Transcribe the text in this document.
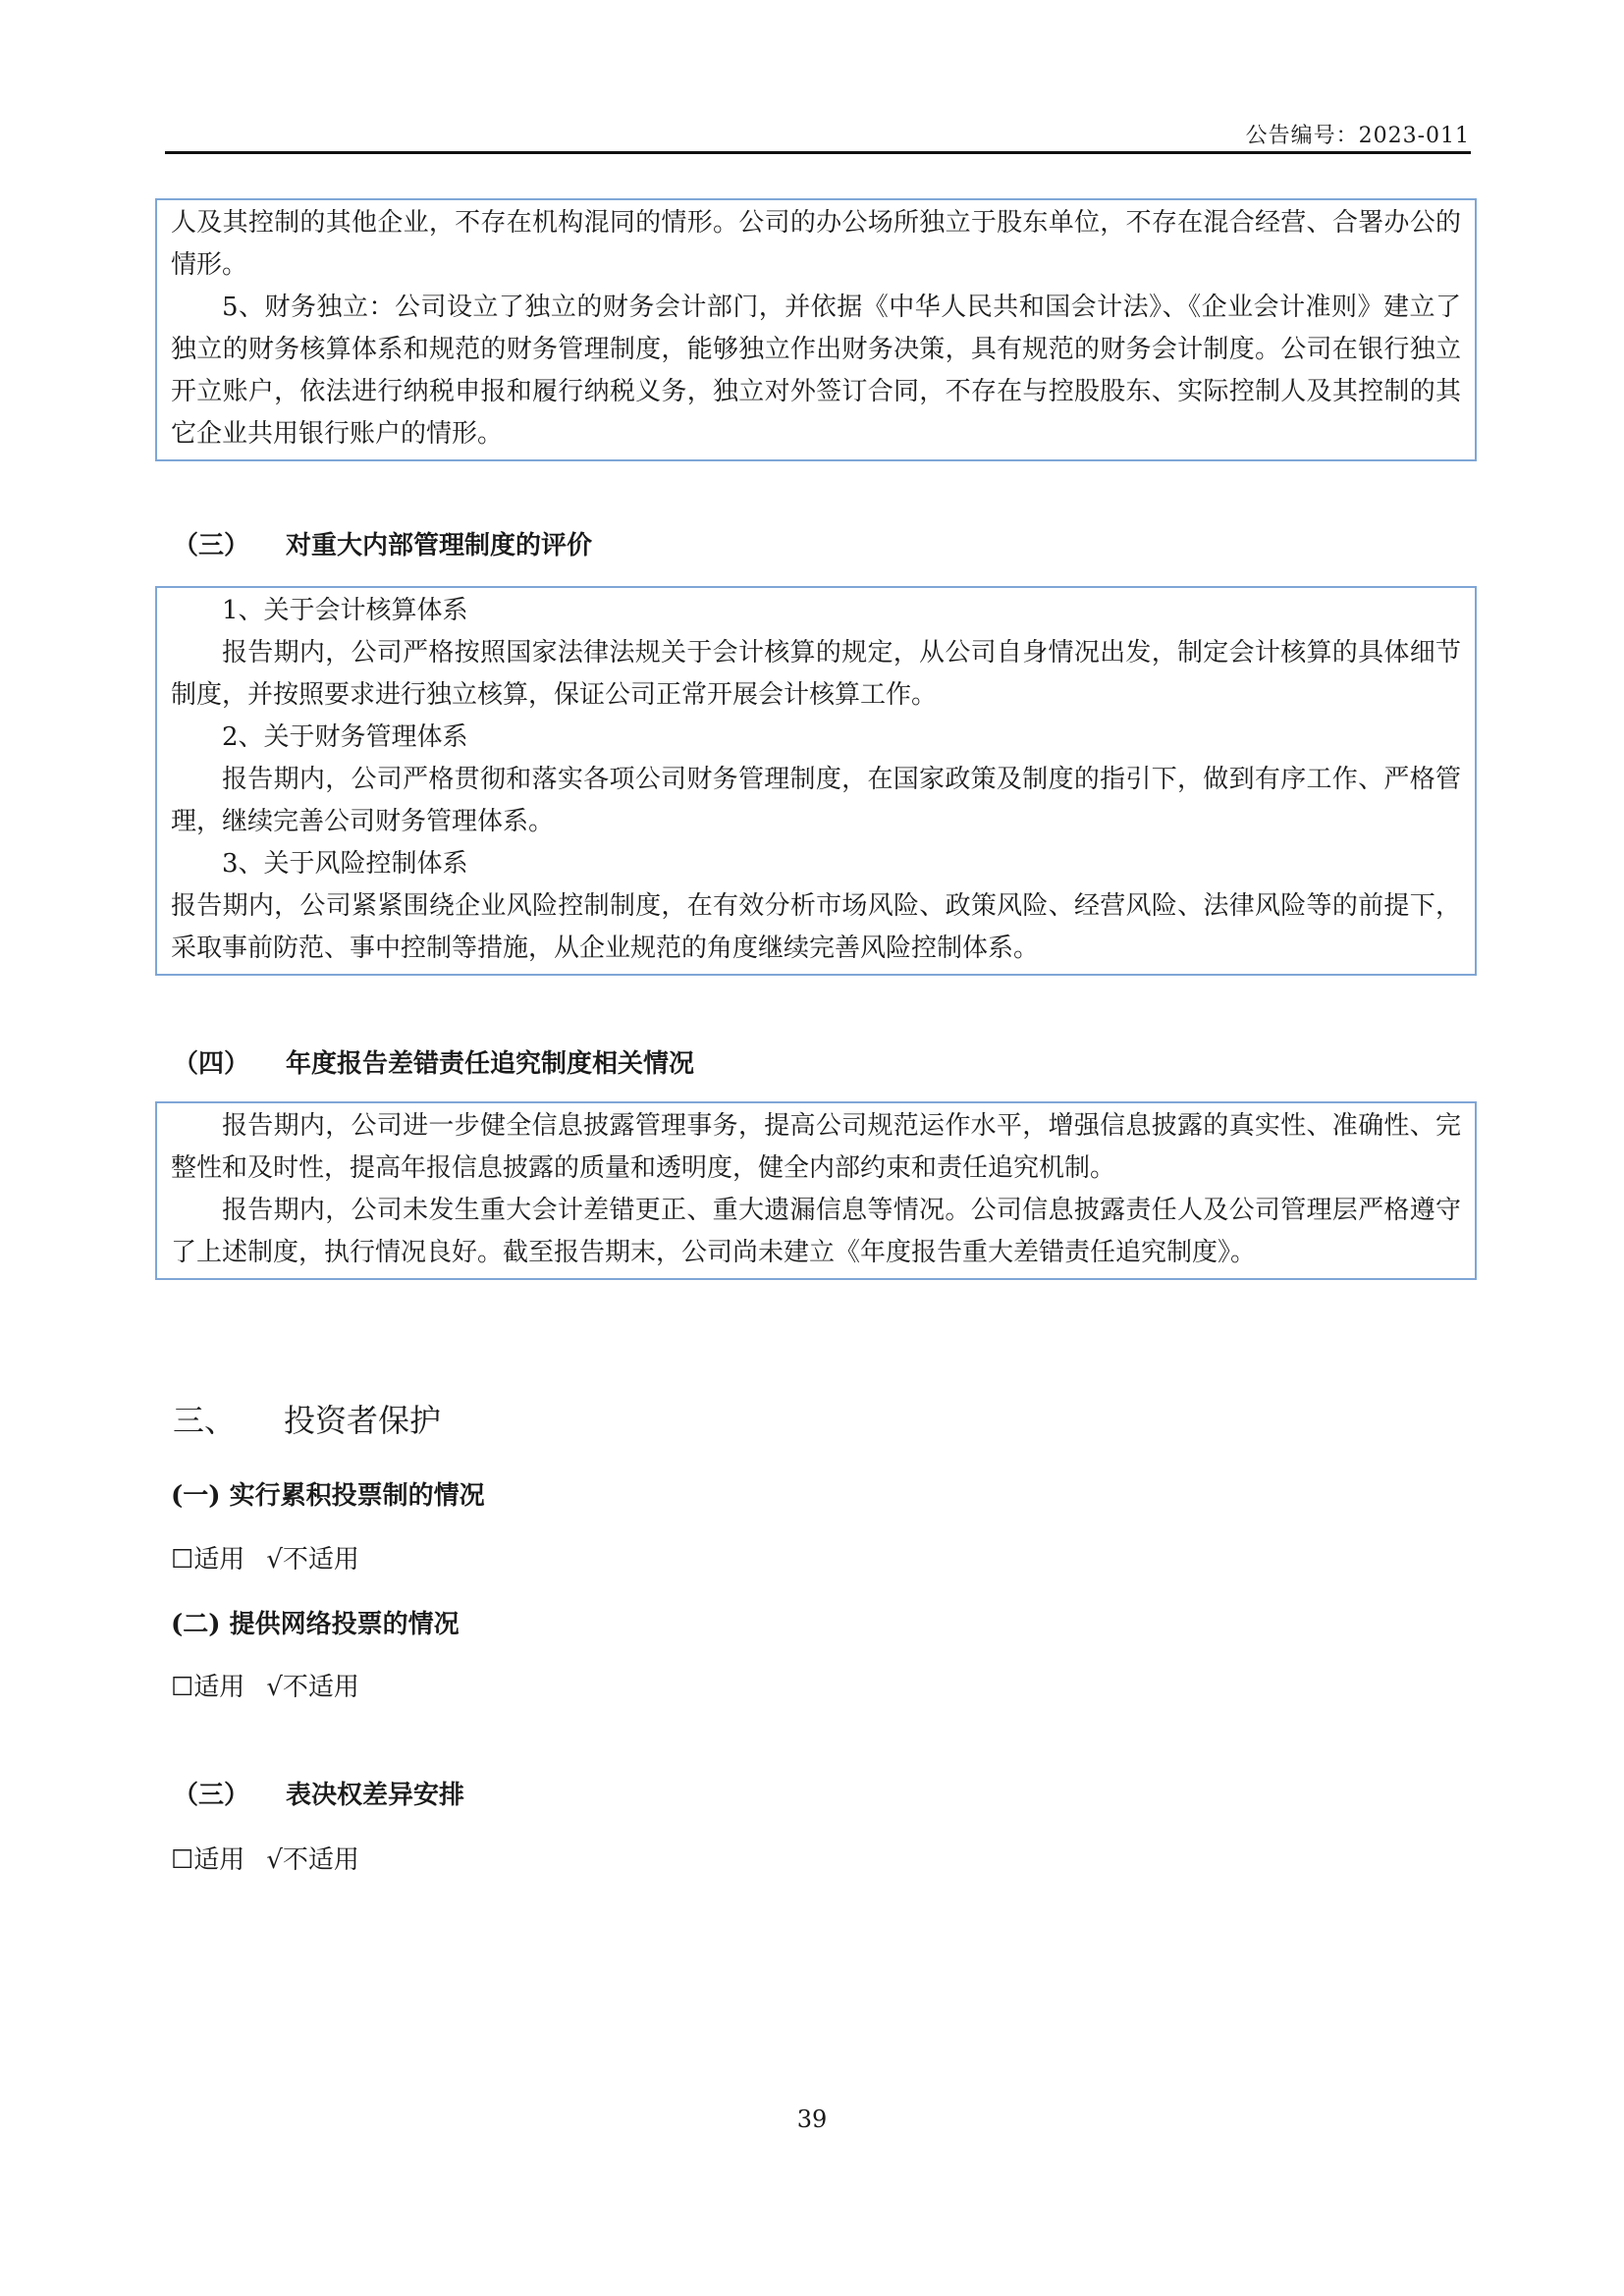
公告编号：2023-011

人及其控制的其他企业，不存在机构混同的情形。公司的办公场所独立于股东单位，不存在混合经营、合署办公的情形。

5、财务独立：公司设立了独立的财务会计部门，并依据《中华人民共和国会计法》、《企业会计准则》建立了独立的财务核算体系和规范的财务管理制度，能够独立作出财务决策，具有规范的财务会计制度。公司在银行独立开立账户，依法进行纳税申报和履行纳税义务，独立对外签订合同，不存在与控股股东、实际控制人及其控制的其它企业共用银行账户的情形。

（三） 对重大内部管理制度的评价

1、关于会计核算体系

报告期内，公司严格按照国家法律法规关于会计核算的规定，从公司自身情况出发，制定会计核算的具体细节制度，并按照要求进行独立核算，保证公司正常开展会计核算工作。

2、关于财务管理体系

报告期内，公司严格贯彻和落实各项公司财务管理制度，在国家政策及制度的指引下，做到有序工作、严格管理，继续完善公司财务管理体系。

3、关于风险控制体系

报告期内，公司紧紧围绕企业风险控制制度，在有效分析市场风险、政策风险、经营风险、法律风险等的前提下，采取事前防范、事中控制等措施，从企业规范的角度继续完善风险控制体系。

（四） 年度报告差错责任追究制度相关情况

报告期内，公司进一步健全信息披露管理事务，提高公司规范运作水平，增强信息披露的真实性、准确性、完整性和及时性，提高年报信息披露的质量和透明度，健全内部约束和责任追究机制。

报告期内，公司未发生重大会计差错更正、重大遗漏信息等情况。公司信息披露责任人及公司管理层严格遵守了上述制度，执行情况良好。截至报告期末，公司尚未建立《年度报告重大差错责任追究制度》。

三、 投资者保护
(一) 实行累积投票制的情况
☐适用 √不适用
(二) 提供网络投票的情况
☐适用 √不适用
（三） 表决权差异安排
☐适用 √不适用
39
